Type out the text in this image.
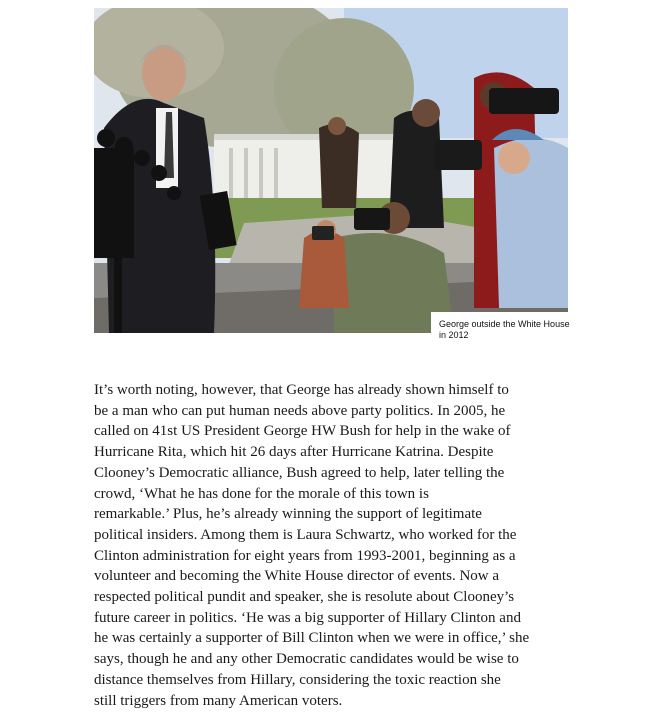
George outside the White House
in 2012
It’s worth noting, however, that George has already shown himself to
be a man who can put human needs above party politics. In 2005, he
called on 41st US President George HW Bush for help in the wake of
Hurricane Rita, which hit 26 days after Hurricane Katrina. Despite
Clooney’s Democratic alliance, Bush agreed to help, later telling the
crowd, ‘What he has done for the morale of this town is
remarkable.’ Plus, he’s already winning the support of legitimate
political insiders. Among them is Laura Schwartz, who worked for the
Clinton administration for eight years from 1993-2001, beginning as a
volunteer and becoming the White House director of events. Now a
respected political pundit and speaker, she is resolute about Clooney’s
future career in politics. ‘He was a big supporter of Hillary Clinton and
he was certainly a supporter of Bill Clinton when we were in office,’ she
says, though he and any other Democratic candidates would be wise to
distance themselves from Hillary, considering the toxic reaction she
still triggers from many American voters.
